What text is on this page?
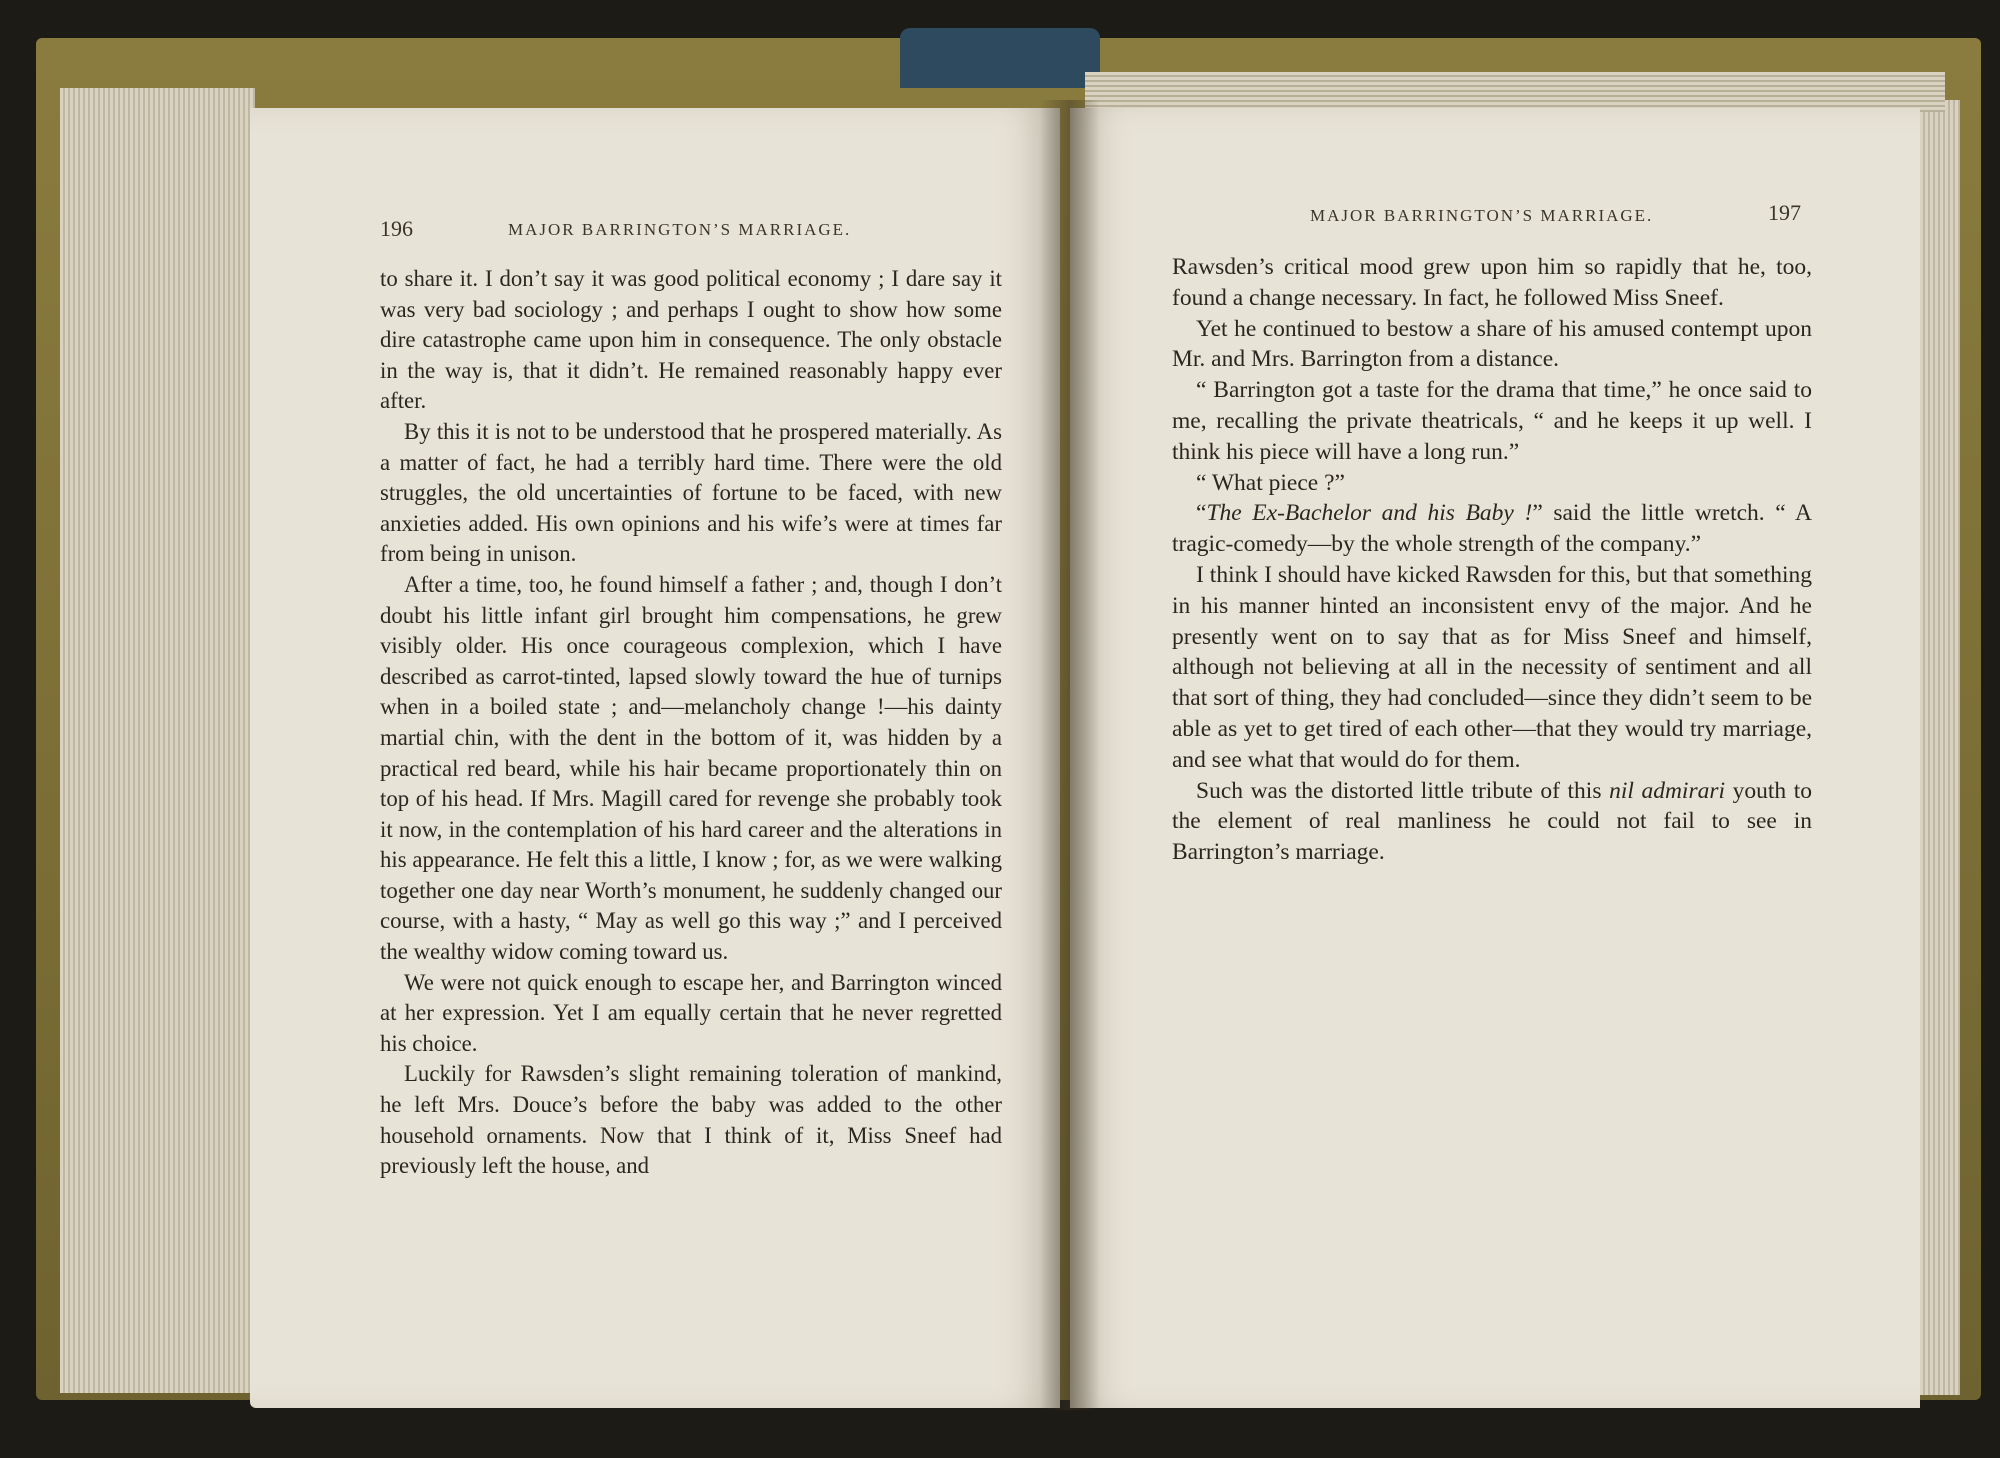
196	MAJOR BARRINGTON’S MARRIAGE.

to share it. I don’t say it was good political economy ; I dare say it was very bad sociology ; and perhaps I ought to show how some dire catastrophe came upon him in consequence. The only obstacle in the way is, that it didn’t. He remained reasonably happy ever after.

By this it is not to be understood that he prospered materially. As a matter of fact, he had a terribly hard time. There were the old struggles, the old uncertainties of fortune to be faced, with new anxieties added. His own opinions and his wife’s were at times far from being in unison.

After a time, too, he found himself a father ; and, though I don’t doubt his little infant girl brought him compensations, he grew visibly older. His once courageous complexion, which I have described as carrot-tinted, lapsed slowly toward the hue of turnips when in a boiled state ; and—melancholy change !—his dainty martial chin, with the dent in the bottom of it, was hidden by a practical red beard, while his hair became proportionately thin on top of his head. If Mrs. Magill cared for revenge she probably took it now, in the contemplation of his hard career and the alterations in his appearance. He felt this a little, I know ; for, as we were walking together one day near Worth’s monument, he suddenly changed our course, with a hasty, “ May as well go this way ;” and I perceived the wealthy widow coming toward us.

We were not quick enough to escape her, and Barrington winced at her expression. Yet I am equally certain that he never regretted his choice.

Luckily for Rawsden’s slight remaining toleration of mankind, he left Mrs. Douce’s before the baby was added to the other household ornaments. Now that I think of it, Miss Sneef had previously left the house, and

MAJOR BARRINGTON’S MARRIAGE.	197

Rawsden’s critical mood grew upon him so rapidly that he, too, found a change necessary. In fact, he followed Miss Sneef.

Yet he continued to bestow a share of his amused contempt upon Mr. and Mrs. Barrington from a distance.

“ Barrington got a taste for the drama that time,” he once said to me, recalling the private theatricals, “ and he keeps it up well. I think his piece will have a long run.”

“ What piece ?”

“The Ex-Bachelor and his Baby !” said the little wretch. “ A tragic-comedy—by the whole strength of the company.”

I think I should have kicked Rawsden for this, but that something in his manner hinted an inconsistent envy of the major. And he presently went on to say that as for Miss Sneef and himself, although not believing at all in the necessity of sentiment and all that sort of thing, they had concluded—since they didn’t seem to be able as yet to get tired of each other—that they would try marriage, and see what that would do for them.

Such was the distorted little tribute of this nil admirari youth to the element of real manliness he could not fail to see in Barrington’s marriage.
